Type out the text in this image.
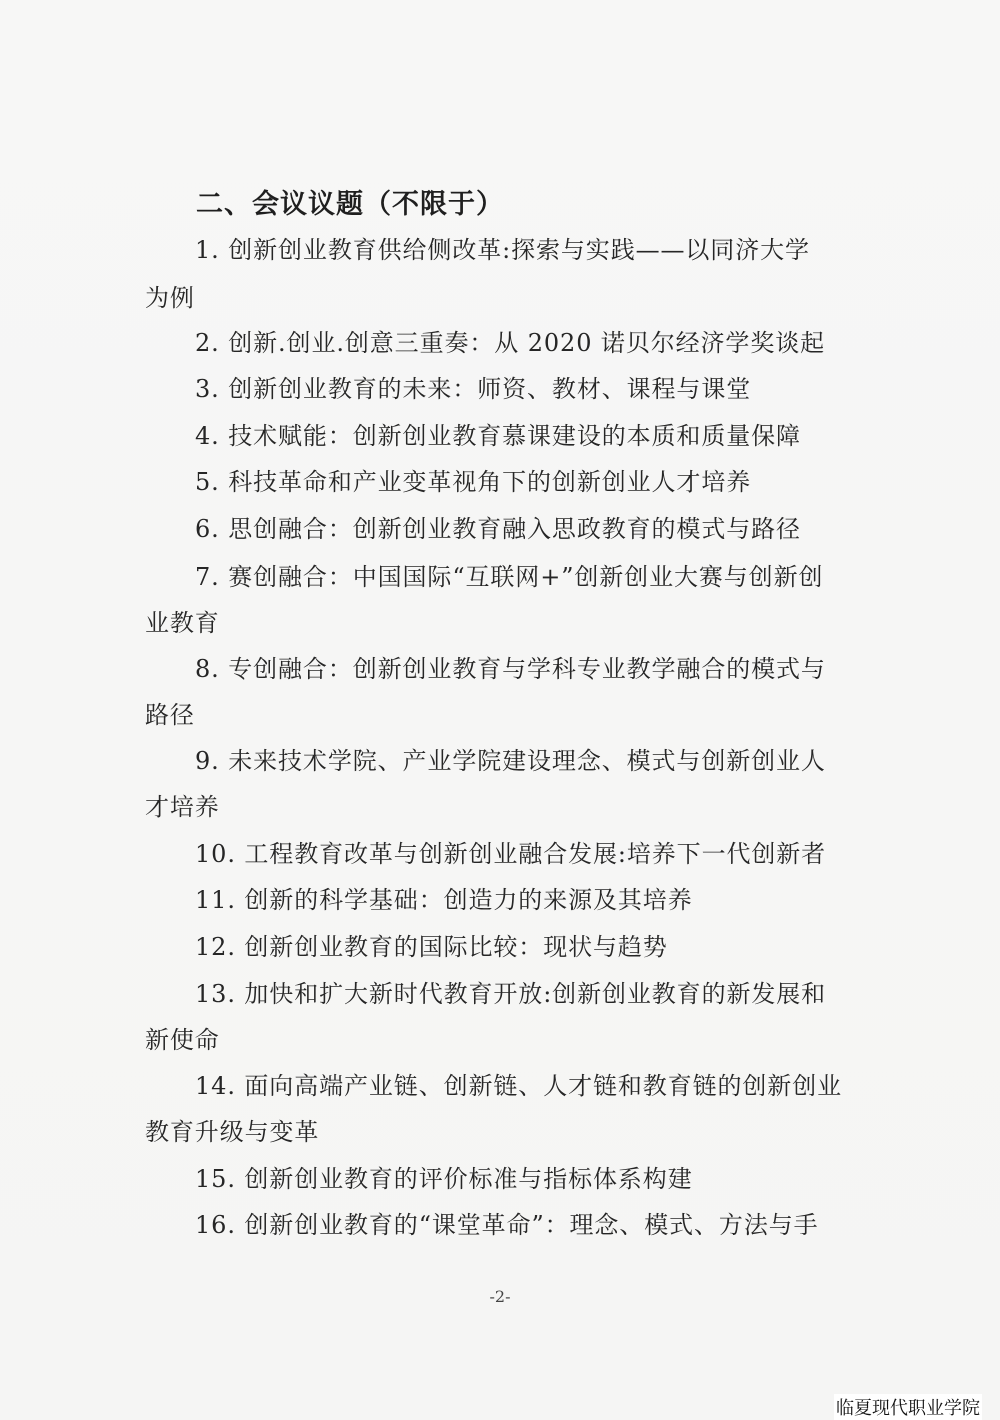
二、会议议题（不限于）
1. 创新创业教育供给侧改革:探索与实践——以同济大学
为例
2. 创新.创业.创意三重奏：从 2020 诺贝尔经济学奖谈起
3. 创新创业教育的未来：师资、教材、课程与课堂
4. 技术赋能：创新创业教育慕课建设的本质和质量保障
5. 科技革命和产业变革视角下的创新创业人才培养
6. 思创融合：创新创业教育融入思政教育的模式与路径
7. 赛创融合：中国国际“互联网+”创新创业大赛与创新创
业教育
8. 专创融合：创新创业教育与学科专业教学融合的模式与
路径
9. 未来技术学院、产业学院建设理念、模式与创新创业人
才培养
10. 工程教育改革与创新创业融合发展:培养下一代创新者
11. 创新的科学基础：创造力的来源及其培养
12. 创新创业教育的国际比较：现状与趋势
13. 加快和扩大新时代教育开放:创新创业教育的新发展和
新使命
14. 面向高端产业链、创新链、人才链和教育链的创新创业
教育升级与变革
15. 创新创业教育的评价标准与指标体系构建
16. 创新创业教育的“课堂革命”：理念、模式、方法与手
-2-
临夏现代职业学院
